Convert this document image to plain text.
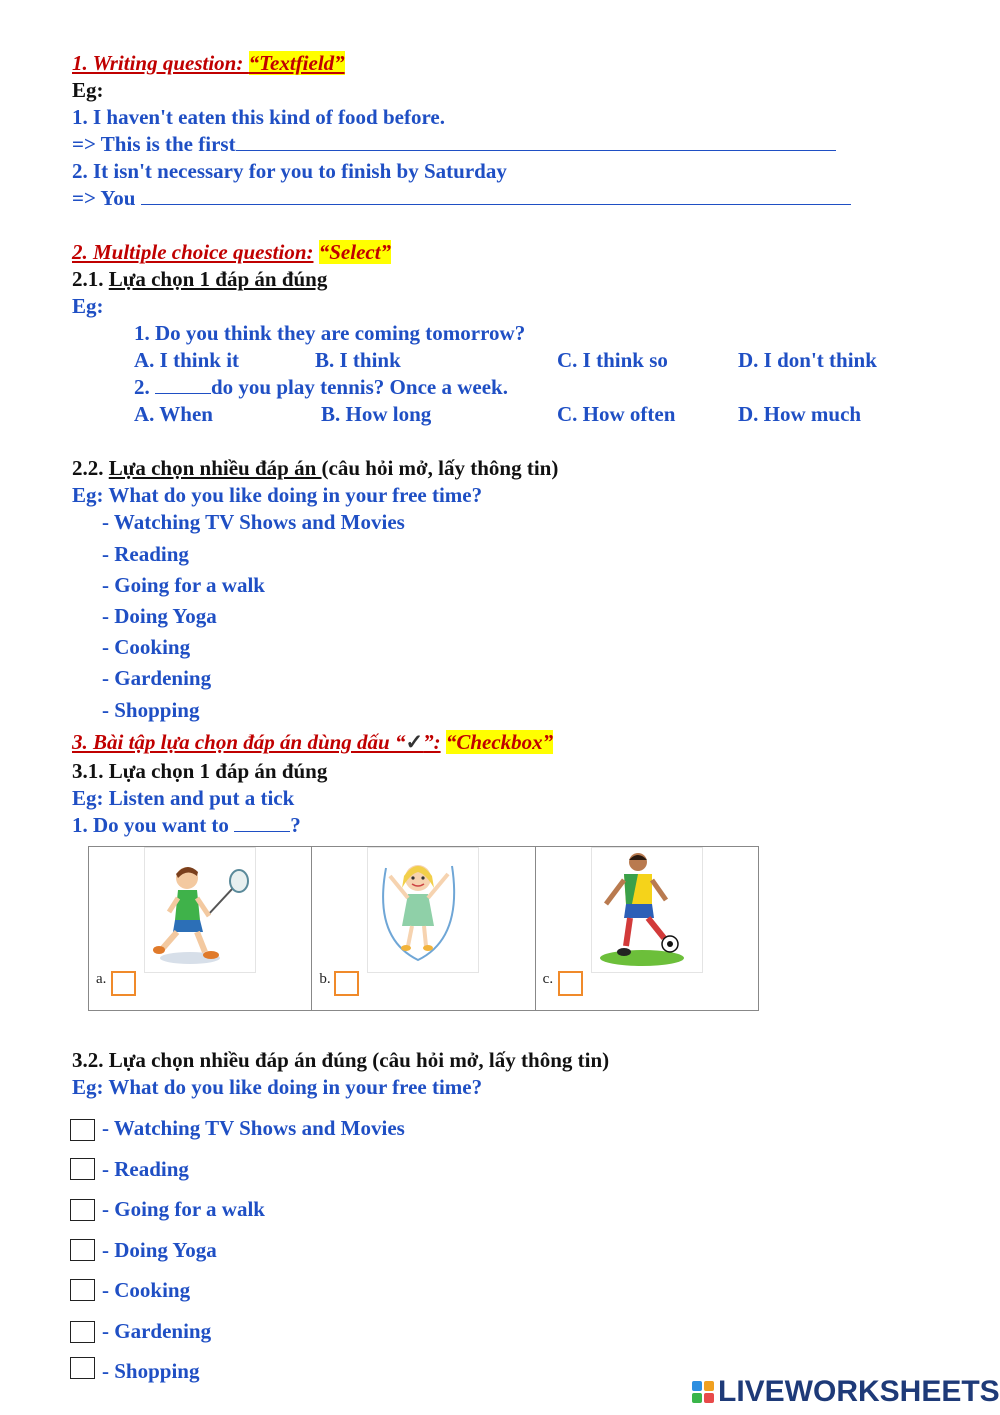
1. Writing question: “Textfield”
Eg:
1. I haven't eaten this kind of food before.
=> This is the first
2. It isn't necessary for you to finish by Saturday
=> You
2. Multiple choice question: “Select”
2.1. Lựa chọn 1 đáp án đúng
Eg:
1. Do you think they are coming tomorrow?
A. I think it	B. I think	C. I think so	D. I don't think
2.	do you play tennis? Once a week.
A. When	B. How long	C. How often	D. How much
2.2. Lựa chọn nhiều đáp án (câu hỏi mở, lấy thông tin)
Eg: What do you like doing in your free time?
- Watching TV Shows and Movies
- Reading
- Going for a walk
- Doing Yoga
- Cooking
- Gardening
- Shopping
3. Bài tập lựa chọn đáp án dùng dấu “✓”: “Checkbox”
3.1. Lựa chọn 1 đáp án đúng
Eg: Listen and put a tick
1. Do you want to	?
a.	b.	c.
3.2. Lựa chọn nhiều đáp án đúng (câu hỏi mở, lấy thông tin)
Eg: What do you like doing in your free time?
- Watching TV Shows and Movies
- Reading
- Going for a walk
- Doing Yoga
- Cooking
- Gardening
- Shopping
LIVEWORKSHEETS
